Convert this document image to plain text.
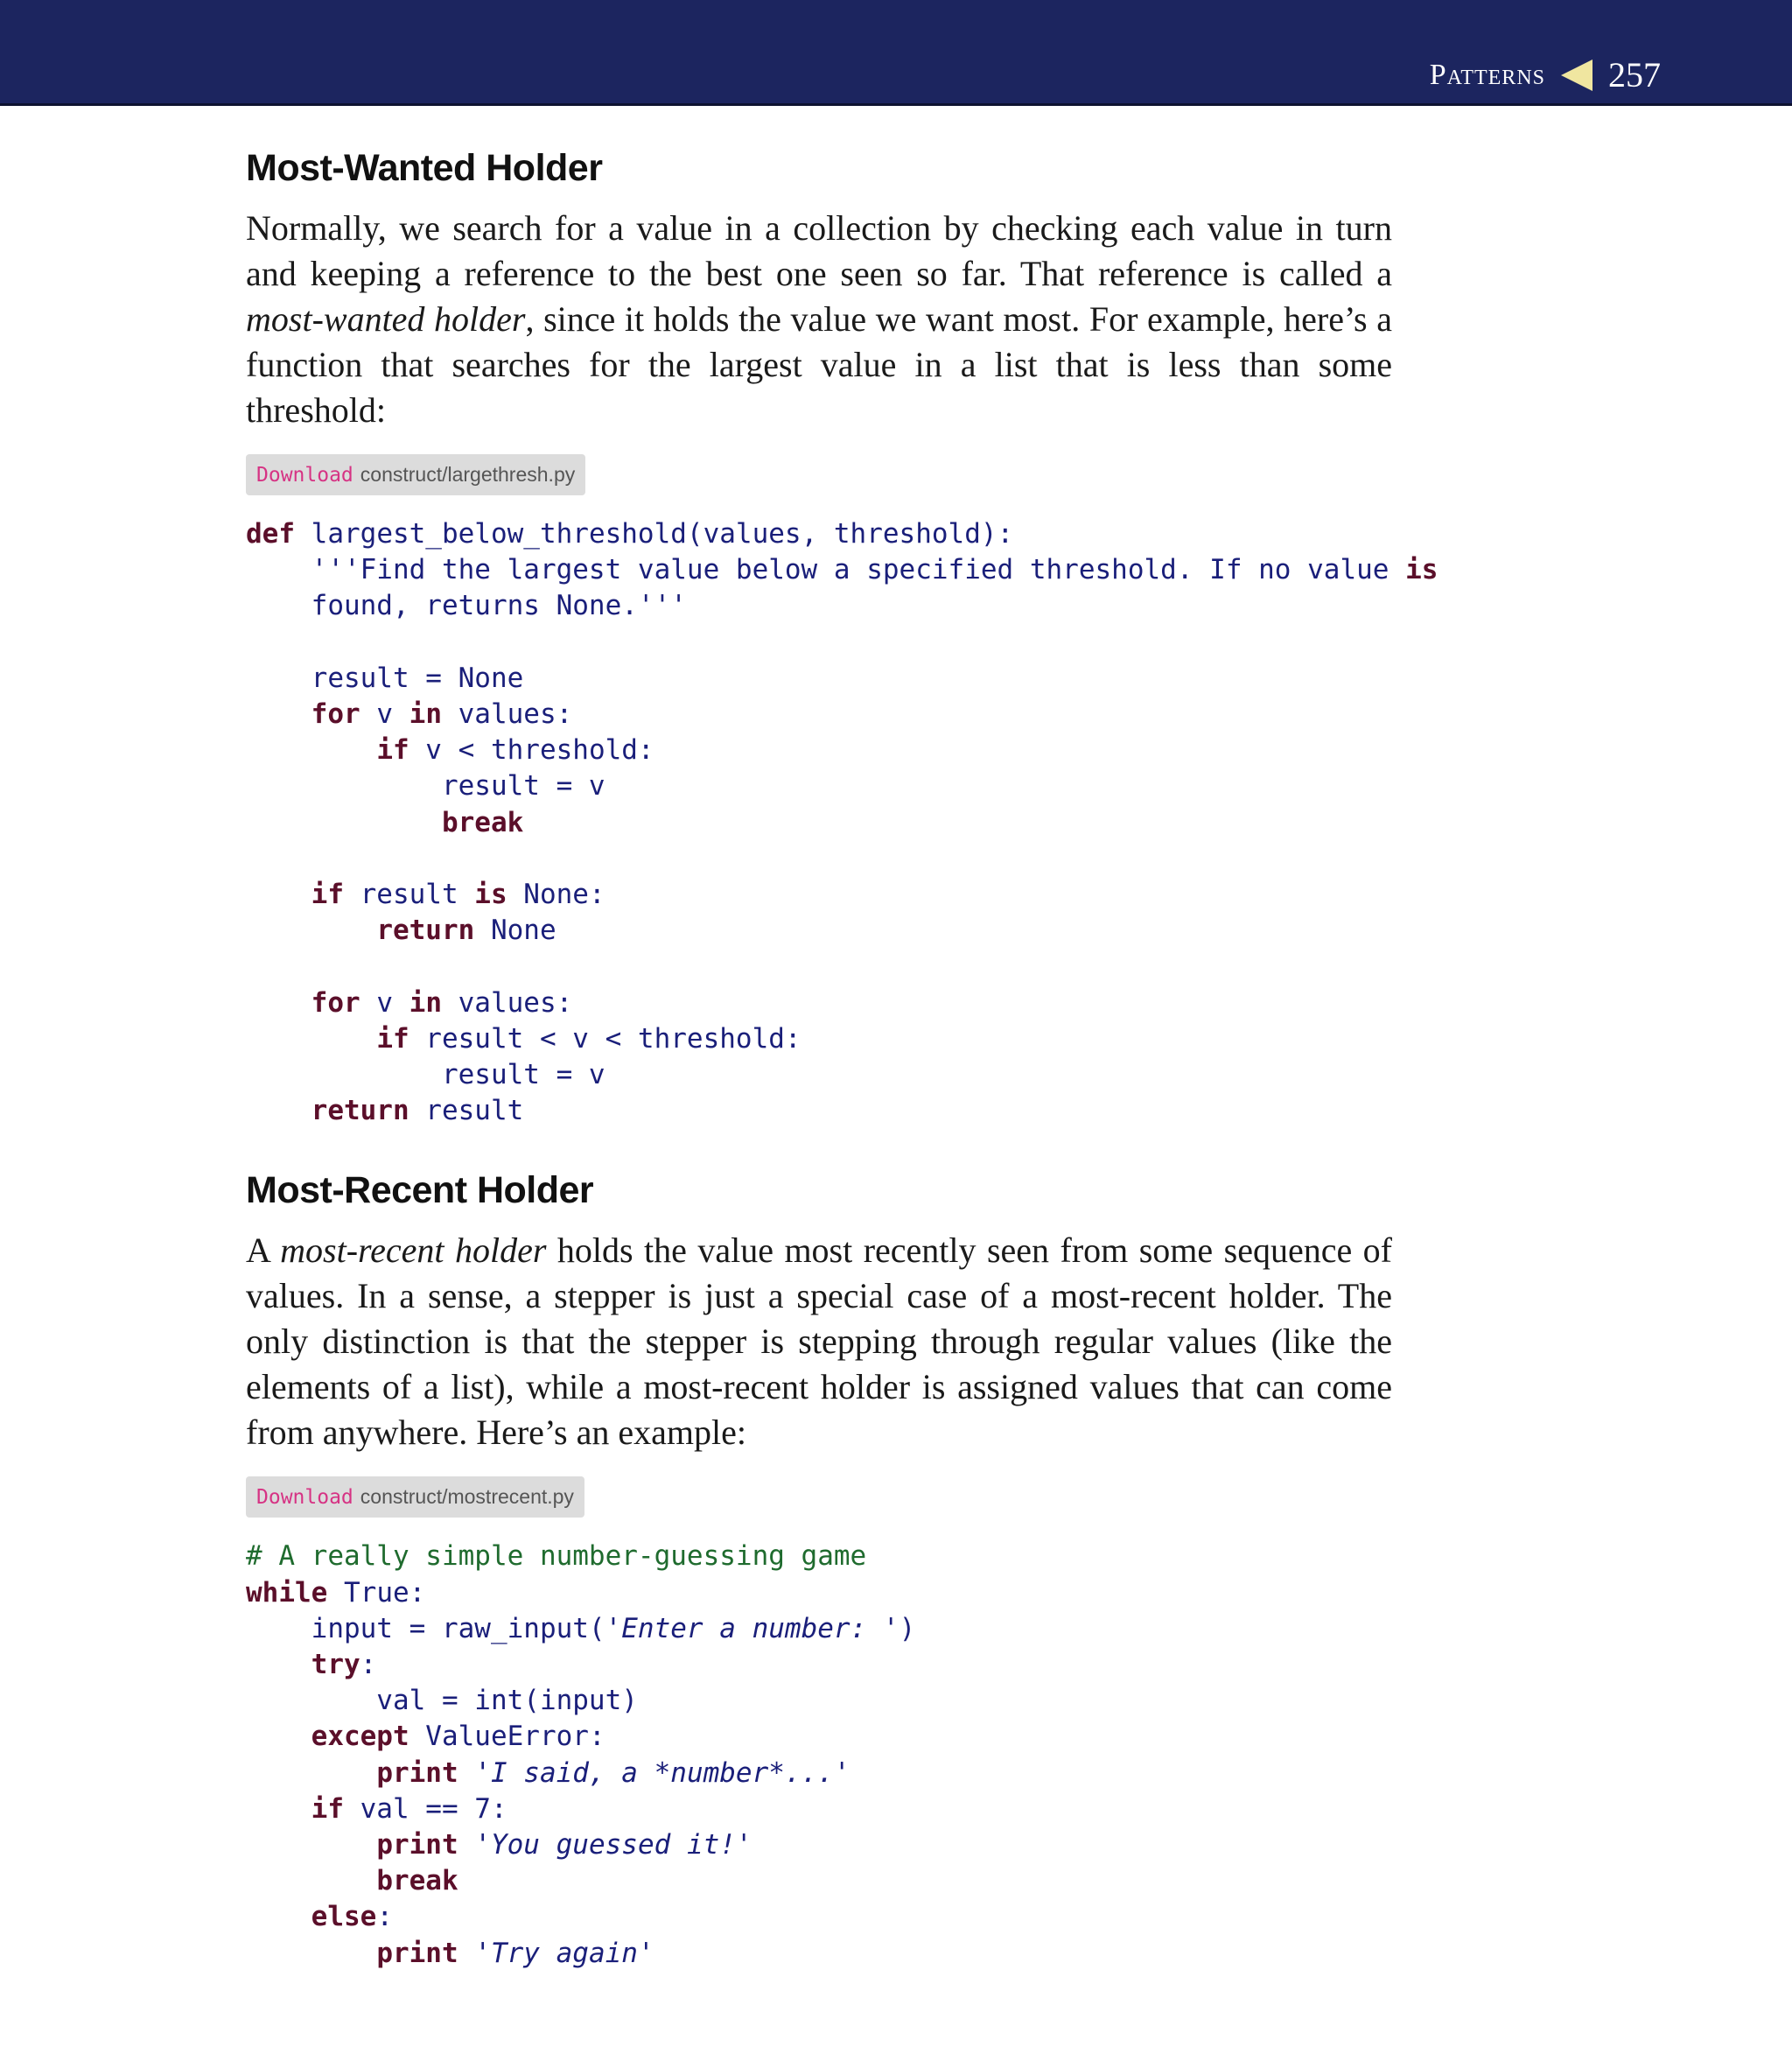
Patterns 257
Most-Wanted Holder

Normally, we search for a value in a collection by checking each value in turn and keeping a reference to the best one seen so far. That reference is called a most-wanted holder, since it holds the value we want most. For example, here’s a function that searches for the largest value in a list that is less than some threshold:

Download construct/largethresh.py
def largest_below_threshold(values, threshold):
'''Find the largest value below a specified threshold. If no value is
found, returns None.'''

result = None
for v in values:
if v < threshold:
result = v
break

if result is None:
return None

for v in values:
if result < v < threshold:
result = v
return result
Most-Recent Holder

A most-recent holder holds the value most recently seen from some sequence of values. In a sense, a stepper is just a special case of a most-recent holder. The only distinction is that the stepper is stepping through regular values (like the elements of a list), while a most-recent holder is assigned values that can come from anywhere. Here’s an example:

Download construct/mostrecent.py
# A really simple number-guessing game
while True:
input = raw_input('Enter a number: ')
try:
val = int(input)
except ValueError:
print 'I said, a *number*...'
if val == 7:
print 'You guessed it!'
break
else:
print 'Try again'
